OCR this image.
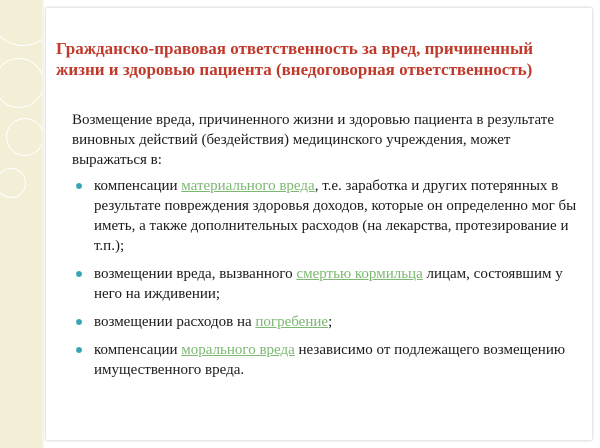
Гражданско-правовая ответственность за вред, причиненный жизни и здоровью пациента (внедоговорная ответственность)

Возмещение вреда, причиненного жизни и здоровью пациента в результате виновных действий (бездействия) медицинского учреждения, может выражаться в:

компенсации материального вреда, т.е. заработка и других потерянных в результате повреждения здоровья доходов, которые он определенно мог бы иметь, а также дополнительных расходов (на лекарства, протезирование и т.п.);
возмещении вреда, вызванного смертью кормильца лицам, состоявшим у него на иждивении;
возмещении расходов на погребение;
компенсации морального вреда независимо от подлежащего возмещению имущественного вреда.
